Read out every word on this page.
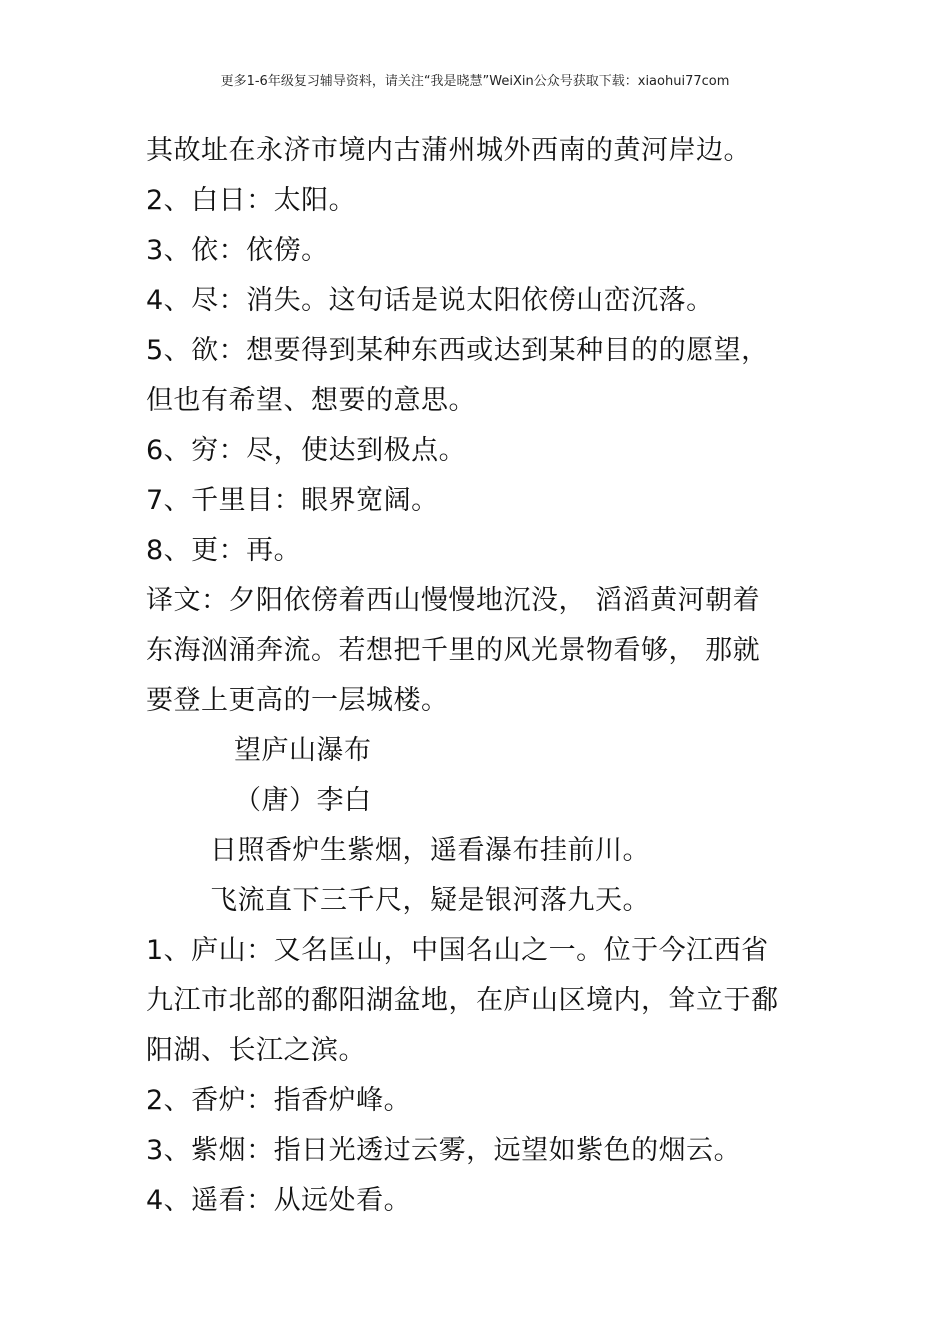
更多1-6年级复习辅导资料，请关注“我是晓慧”WeiXin公众号获取下载：xiaohui77com
其故址在永济市境内古蒲州城外西南的黄河岸边。
2、白日：太阳。
3、依：依傍。
4、尽：消失。这句话是说太阳依傍山峦沉落。
5、欲：想要得到某种东西或达到某种目的的愿望，
但也有希望、想要的意思。
6、穷：尽，使达到极点。
7、千里目：眼界宽阔。
8、更：再。
译文：夕阳依傍着西山慢慢地沉没， 滔滔黄河朝着
东海汹涌奔流。若想把千里的风光景物看够， 那就
要登上更高的一层城楼。
望庐山瀑布
（唐）李白
日照香炉生紫烟，遥看瀑布挂前川。
飞流直下三千尺，疑是银河落九天。
1、庐山：又名匡山，中国名山之一。位于今江西省
九江市北部的鄱阳湖盆地，在庐山区境内，耸立于鄱
阳湖、长江之滨。
2、香炉：指香炉峰。
3、紫烟：指日光透过云雾，远望如紫色的烟云。
4、遥看：从远处看。
